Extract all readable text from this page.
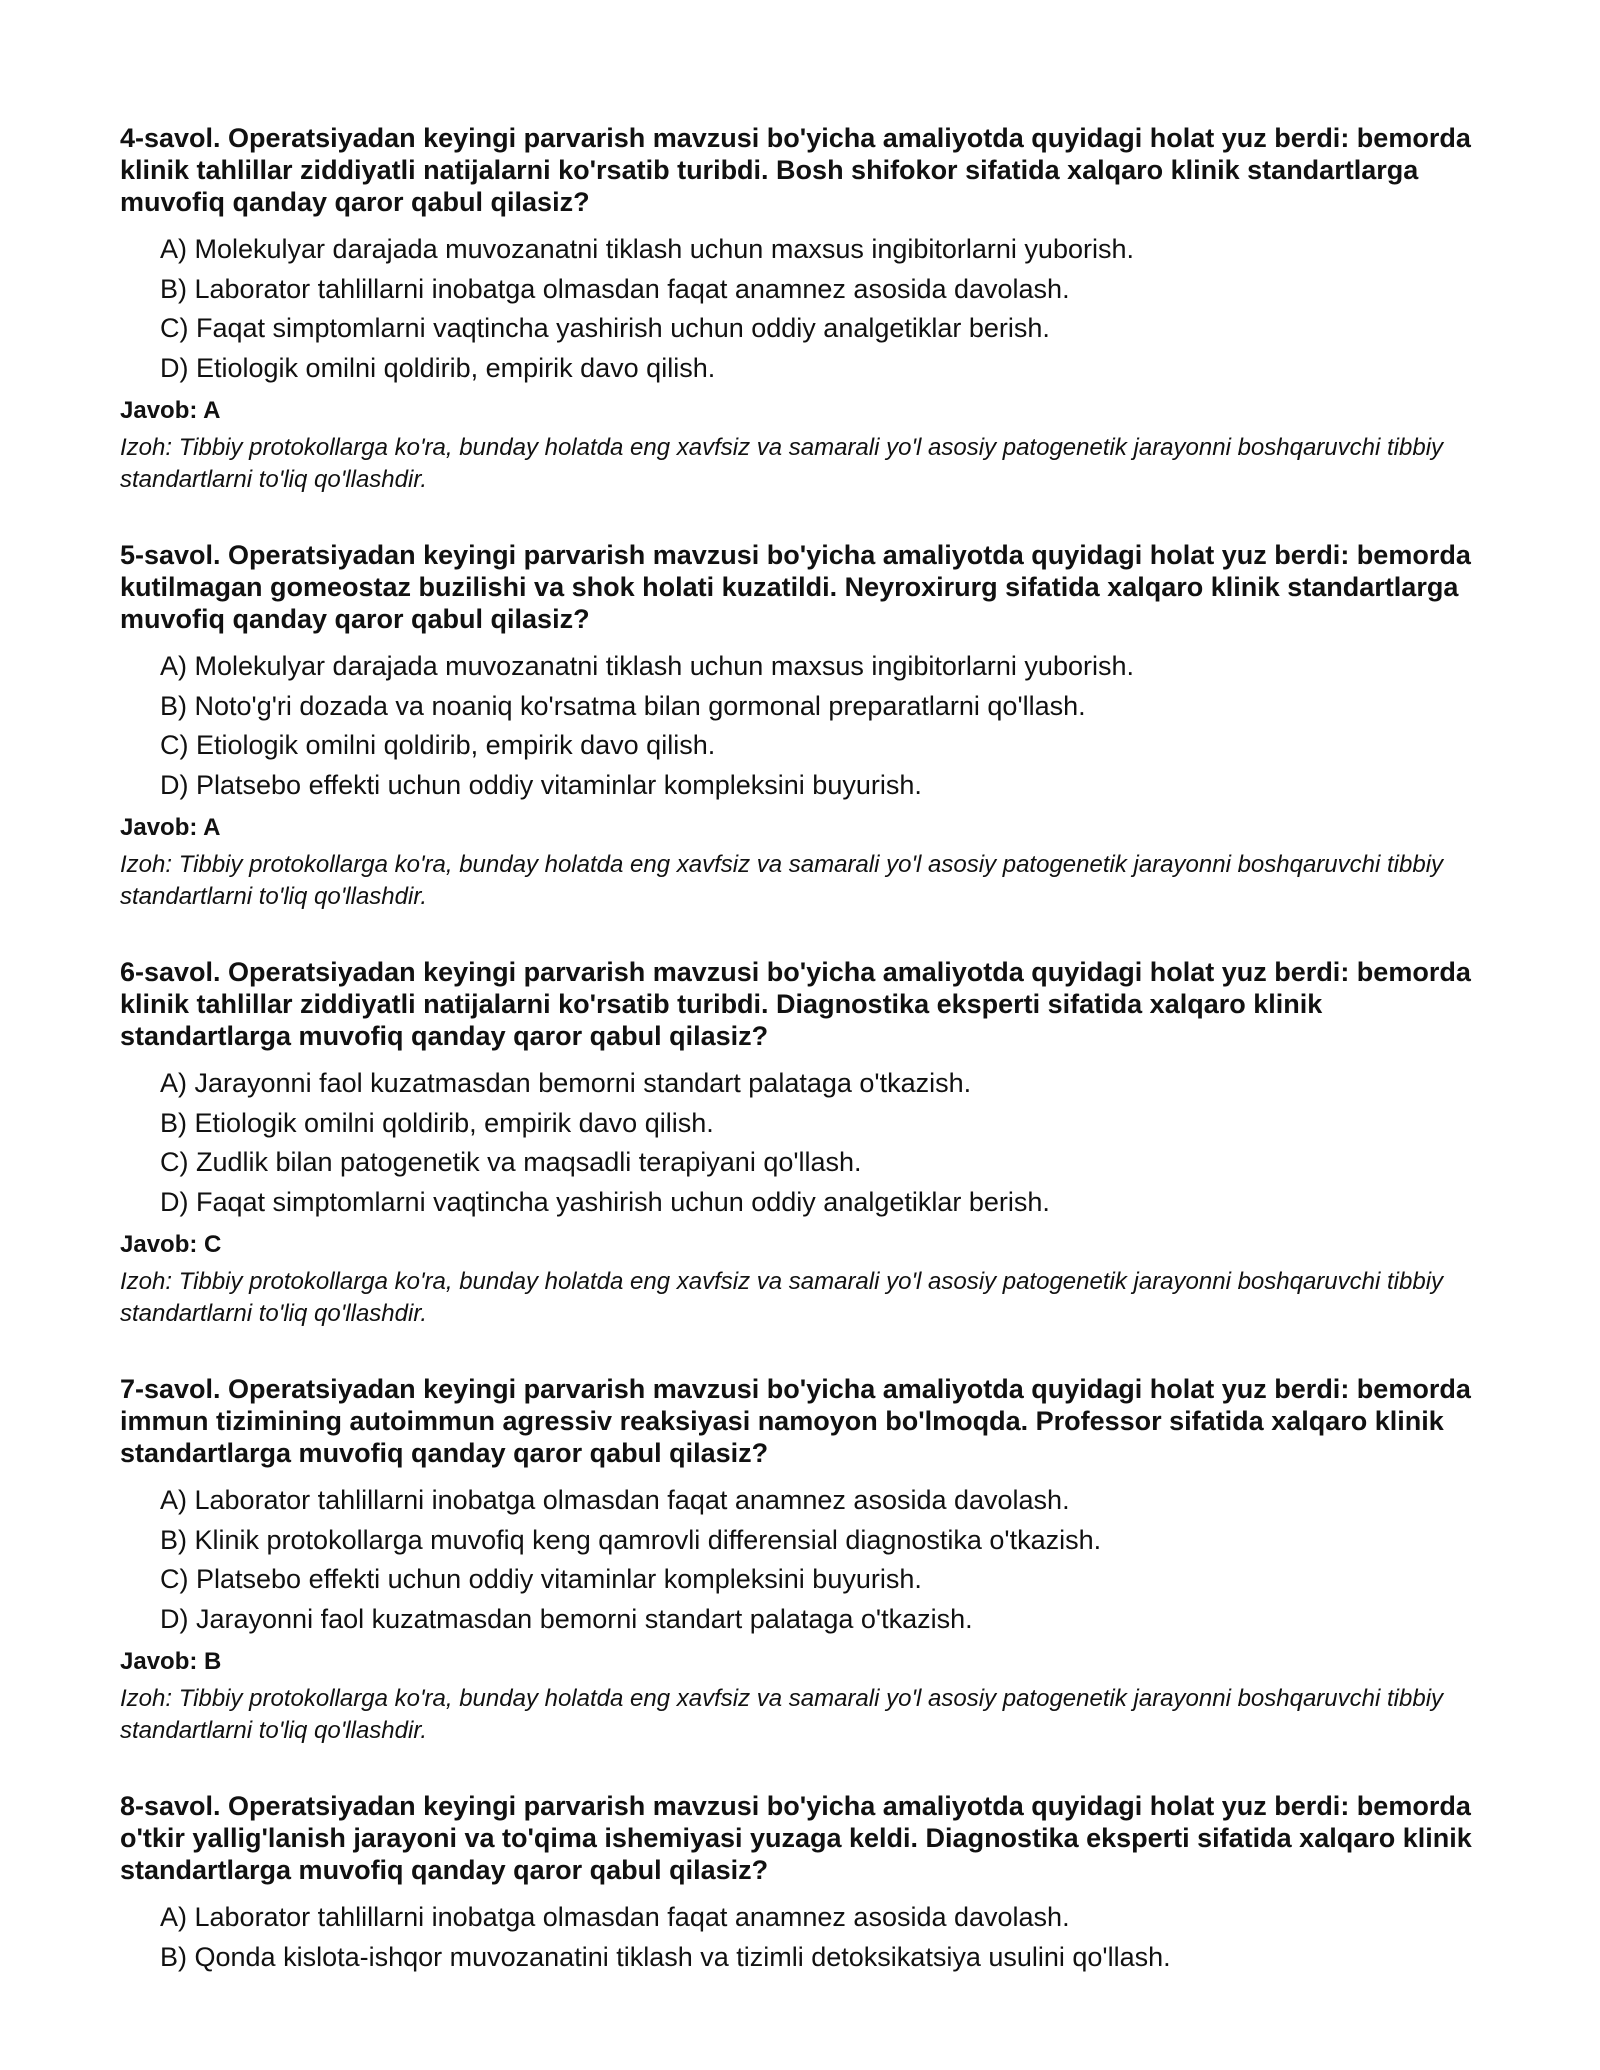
4-savol. Operatsiyadan keyingi parvarish mavzusi bo'yicha amaliyotda quyidagi holat yuz berdi: bemorda klinik tahlillar ziddiyatli natijalarni ko'rsatib turibdi. Bosh shifokor sifatida xalqaro klinik standartlarga muvofiq qanday qaror qabul qilasiz?

A) Molekulyar darajada muvozanatni tiklash uchun maxsus ingibitorlarni yuborish.
B) Laborator tahlillarni inobatga olmasdan faqat anamnez asosida davolash.
C) Faqat simptomlarni vaqtincha yashirish uchun oddiy analgetiklar berish.
D) Etiologik omilni qoldirib, empirik davo qilish.

Javob: A

Izoh: Tibbiy protokollarga ko'ra, bunday holatda eng xavfsiz va samarali yo'l asosiy patogenetik jarayonni boshqaruvchi tibbiy standartlarni to'liq qo'llashdir.

5-savol. Operatsiyadan keyingi parvarish mavzusi bo'yicha amaliyotda quyidagi holat yuz berdi: bemorda kutilmagan gomeostaz buzilishi va shok holati kuzatildi. Neyroxirurg sifatida xalqaro klinik standartlarga muvofiq qanday qaror qabul qilasiz?

A) Molekulyar darajada muvozanatni tiklash uchun maxsus ingibitorlarni yuborish.
B) Noto'g'ri dozada va noaniq ko'rsatma bilan gormonal preparatlarni qo'llash.
C) Etiologik omilni qoldirib, empirik davo qilish.
D) Platsebo effekti uchun oddiy vitaminlar kompleksini buyurish.

Javob: A

Izoh: Tibbiy protokollarga ko'ra, bunday holatda eng xavfsiz va samarali yo'l asosiy patogenetik jarayonni boshqaruvchi tibbiy standartlarni to'liq qo'llashdir.

6-savol. Operatsiyadan keyingi parvarish mavzusi bo'yicha amaliyotda quyidagi holat yuz berdi: bemorda klinik tahlillar ziddiyatli natijalarni ko'rsatib turibdi. Diagnostika eksperti sifatida xalqaro klinik standartlarga muvofiq qanday qaror qabul qilasiz?

A) Jarayonni faol kuzatmasdan bemorni standart palataga o'tkazish.
B) Etiologik omilni qoldirib, empirik davo qilish.
C) Zudlik bilan patogenetik va maqsadli terapiyani qo'llash.
D) Faqat simptomlarni vaqtincha yashirish uchun oddiy analgetiklar berish.

Javob: C

Izoh: Tibbiy protokollarga ko'ra, bunday holatda eng xavfsiz va samarali yo'l asosiy patogenetik jarayonni boshqaruvchi tibbiy standartlarni to'liq qo'llashdir.

7-savol. Operatsiyadan keyingi parvarish mavzusi bo'yicha amaliyotda quyidagi holat yuz berdi: bemorda immun tizimining autoimmun agressiv reaksiyasi namoyon bo'lmoqda. Professor sifatida xalqaro klinik standartlarga muvofiq qanday qaror qabul qilasiz?

A) Laborator tahlillarni inobatga olmasdan faqat anamnez asosida davolash.
B) Klinik protokollarga muvofiq keng qamrovli differensial diagnostika o'tkazish.
C) Platsebo effekti uchun oddiy vitaminlar kompleksini buyurish.
D) Jarayonni faol kuzatmasdan bemorni standart palataga o'tkazish.

Javob: B

Izoh: Tibbiy protokollarga ko'ra, bunday holatda eng xavfsiz va samarali yo'l asosiy patogenetik jarayonni boshqaruvchi tibbiy standartlarni to'liq qo'llashdir.

8-savol. Operatsiyadan keyingi parvarish mavzusi bo'yicha amaliyotda quyidagi holat yuz berdi: bemorda o'tkir yallig'lanish jarayoni va to'qima ishemiyasi yuzaga keldi. Diagnostika eksperti sifatida xalqaro klinik standartlarga muvofiq qanday qaror qabul qilasiz?

A) Laborator tahlillarni inobatga olmasdan faqat anamnez asosida davolash.
B) Qonda kislota-ishqor muvozanatini tiklash va tizimli detoksikatsiya usulini qo'llash.
